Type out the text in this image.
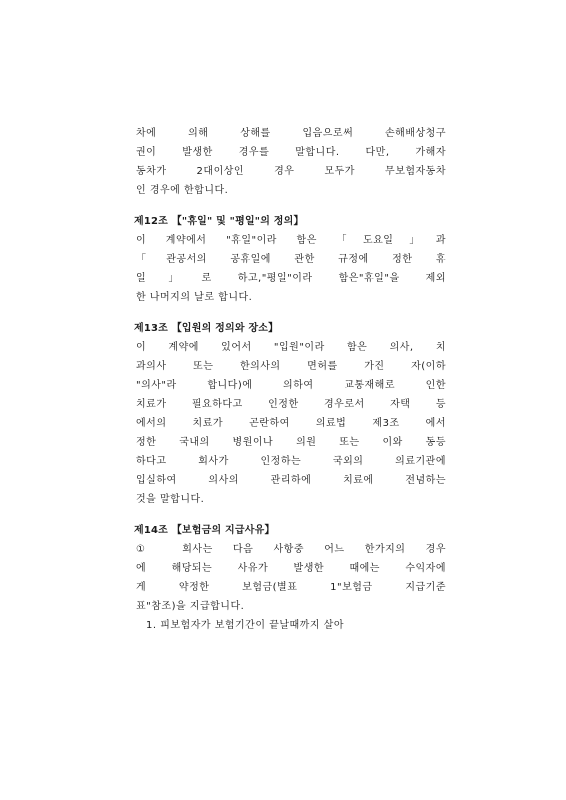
차에 의해 상해를 입음으로써 손해배상청구
권이 발생한 경우를 말합니다. 다만, 가해자
동차가 2대이상인 경우 모두가 무보험자동차
인 경우에 한합니다.
제12조 【"휴일" 및 "평일"의 정의】
이 계약에서 "휴일"이라 함은 「도요일」과
「관공서의 공휴일에 관한 규정에 정한 휴
일」로 하고,"평일"이라 함은"휴일"을 제외
한 나머지의 날로 합니다.
제13조 【입원의 정의와 장소】
이 계약에 있어서 "입원"이라 함은 의사, 치
과의사 또는 한의사의 면허를 가진 자(이하
"의사"라 합니다)에 의하여 교통재해로 인한
치료가 필요하다고 인정한 경우로서 자택 등
에서의 치료가 곤란하여 의료법 제3조 에서
정한 국내의 병원이나 의원 또는 이와 동등
하다고 회사가 인정하는 국외의 의료기관에
입실하여 의사의 관리하에 치료에 전념하는
것을 말합니다.
제14조 【보험금의 지급사유】
① 회사는 다음 사항중 어느 한가지의 경우
에 해당되는 사유가 발생한 때에는 수익자에
게 약정한 보험금(별표 1"보험금 지급기준
표"참조)을 지급합니다.
1. 피보험자가 보험기간이 끝날때까지 살아
